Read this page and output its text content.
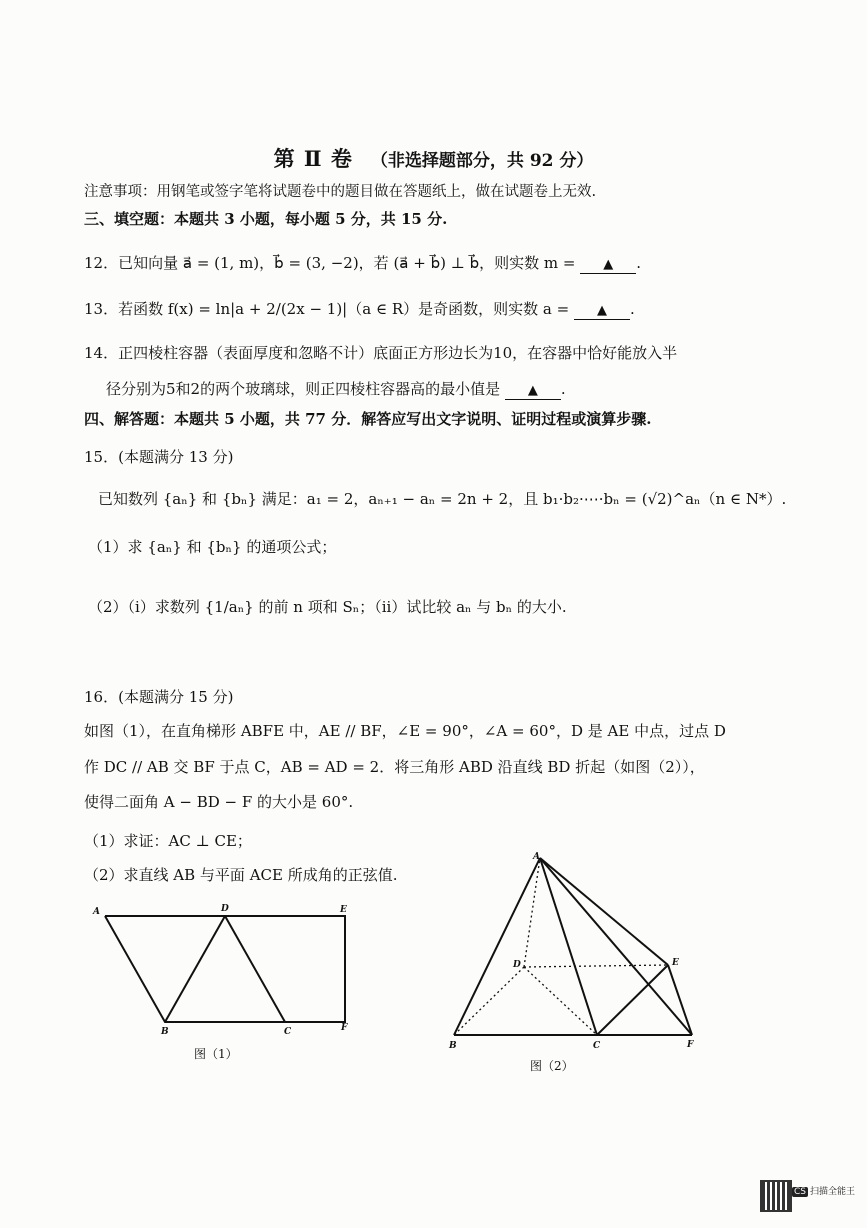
第 Ⅱ 卷 （非选择题部分，共 92 分）
注意事项：用钢笔或签字笔将试题卷中的题目做在答题纸上，做在试题卷上无效.
三、填空题：本题共 3 小题，每小题 5 分，共 15 分.
12．已知向量 a⃗ = (1, m)，b⃗ = (3, −2)，若 (a⃗ + b⃗) ⊥ b⃗，则实数 m = ▲ .
13．若函数 f(x) = ln|a + 2/(2x − 1)|（a ∈ R）是奇函数，则实数 a = ▲ .
14．正四棱柱容器（表面厚度和忽略不计）底面正方形边长为10，在容器中恰好能放入半
径分别为5和2的两个玻璃球，则正四棱柱容器高的最小值是 ▲ .
四、解答题：本题共 5 小题，共 77 分．解答应写出文字说明、证明过程或演算步骤.
15．(本题满分 13 分)
已知数列 {aₙ} 和 {bₙ} 满足：a₁ = 2，aₙ₊₁ − aₙ = 2n + 2，且 b₁·b₂·⋯·bₙ = (√2)^aₙ（n ∈ N*）.
（1）求 {aₙ} 和 {bₙ} 的通项公式；
（2）（i）求数列 {1/aₙ} 的前 n 项和 Sₙ；（ii）试比较 aₙ 与 bₙ 的大小.
16．(本题满分 15 分)
如图（1），在直角梯形 ABFE 中，AE // BF，∠E = 90°，∠A = 60°，D 是 AE 中点，过点 D
作 DC // AB 交 BF 于点 C，AB = AD = 2．将三角形 ABD 沿直线 BD 折起（如图（2）），
使得二面角 A − BD − F 的大小是 60°.
（1）求证：AC ⊥ CE；
（2）求直线 AB 与平面 ACE 所成角的正弦值.
A	D	E
B	C	F
图（1）
A
D	E
B	C	F
图（2）
CS 扫描全能王
